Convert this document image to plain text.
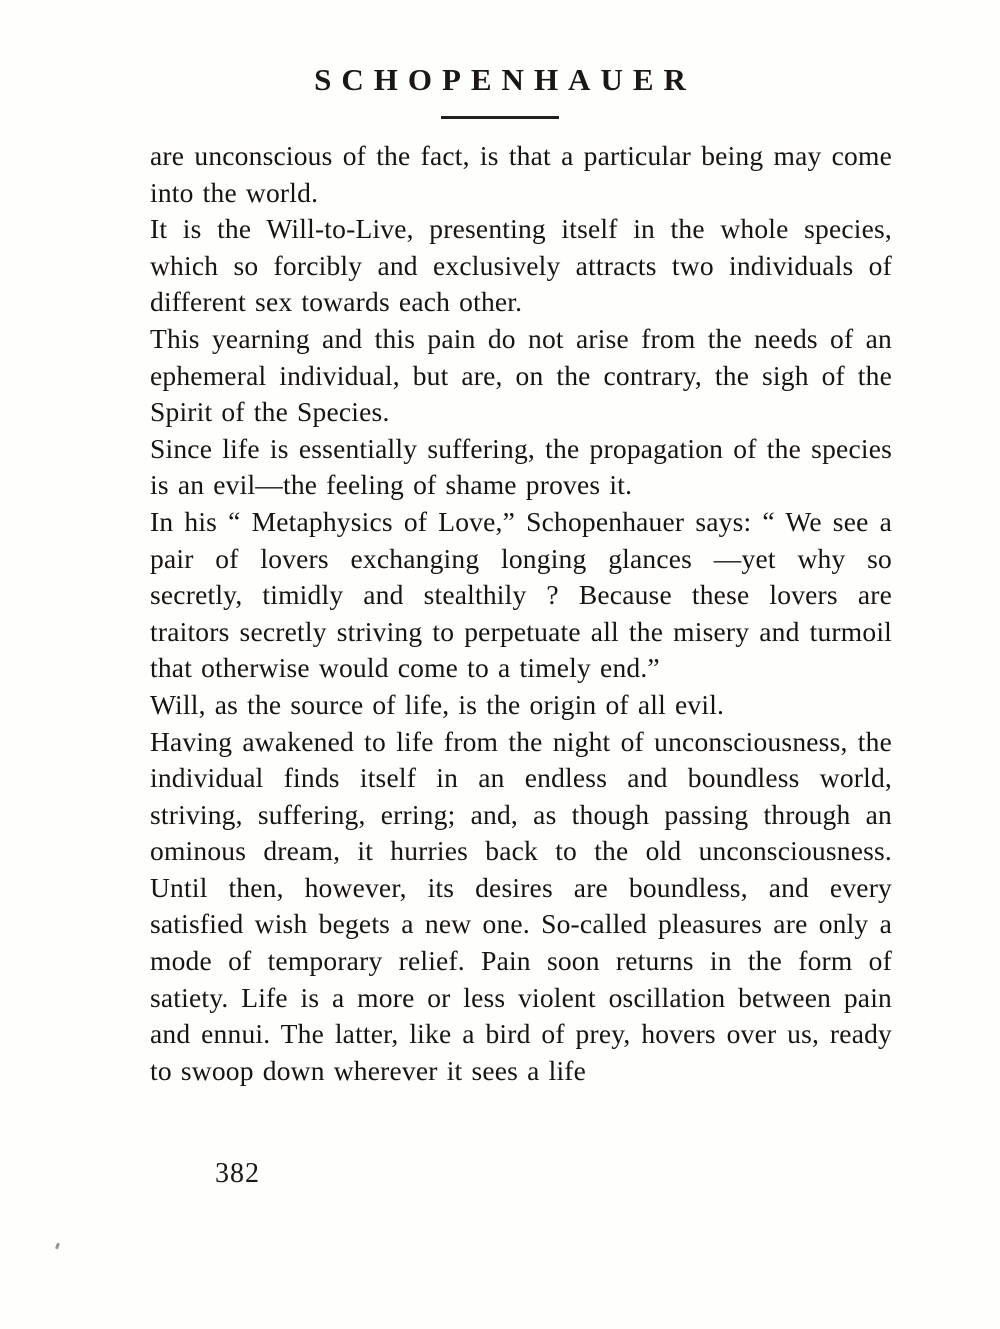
SCHOPENHAUER

are unconscious of the fact, is that a particular being may come into the world.

It is the Will-to-Live, presenting itself in the whole species, which so forcibly and exclusively attracts two individuals of different sex towards each other.

This yearning and this pain do not arise from the needs of an ephemeral individual, but are, on the contrary, the sigh of the Spirit of the Species.

Since life is essentially suffering, the propagation of the species is an evil—the feeling of shame proves it.

In his “ Metaphysics of Love,” Schopenhauer says: “ We see a pair of lovers exchanging longing glances —yet why so secretly, timidly and stealthily ? Because these lovers are traitors secretly striving to perpetuate all the misery and turmoil that otherwise would come to a timely end.”

Will, as the source of life, is the origin of all evil.

Having awakened to life from the night of unconsciousness, the individual finds itself in an endless and boundless world, striving, suffering, erring; and, as though passing through an ominous dream, it hurries back to the old unconsciousness. Until then, however, its desires are boundless, and every satisfied wish begets a new one. So-called pleasures are only a mode of temporary relief. Pain soon returns in the form of satiety. Life is a more or less violent oscillation between pain and ennui. The latter, like a bird of prey, hovers over us, ready to swoop down wherever it sees a life

382
